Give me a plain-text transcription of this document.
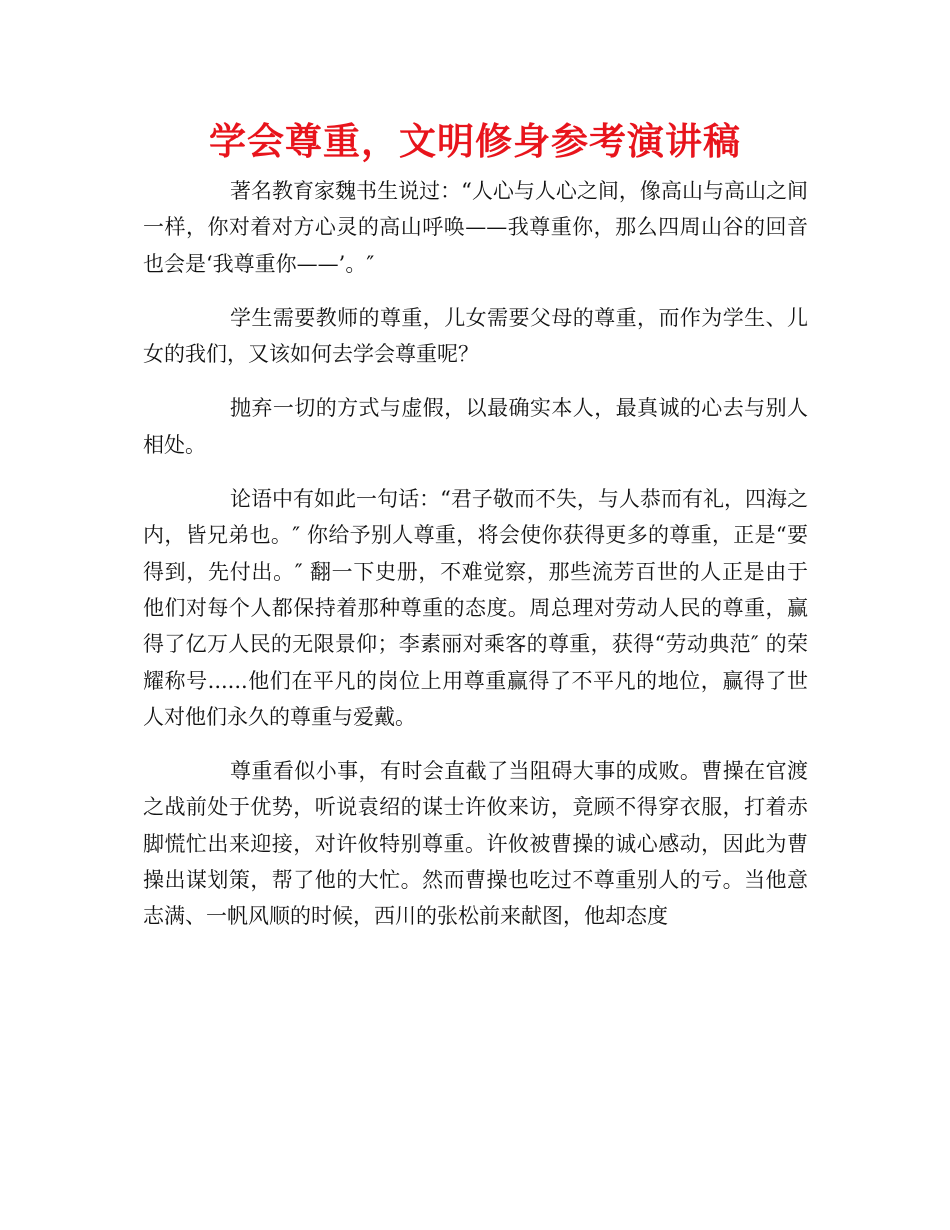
学会尊重，文明修身参考演讲稿

著名教育家魏书生说过：“人心与人心之间，像高山与高山之间一样，你对着对方心灵的高山呼唤——我尊重你，那么四周山谷的回音也会是‘我尊重你——’。″

学生需要教师的尊重，儿女需要父母的尊重，而作为学生、儿女的我们，又该如何去学会尊重呢？

抛弃一切的方式与虚假，以最确实本人，最真诚的心去与别人相处。

论语中有如此一句话：“君子敬而不失，与人恭而有礼，四海之内，皆兄弟也。″ 你给予别人尊重，将会使你获得更多的尊重，正是“要得到，先付出。″ 翻一下史册，不难觉察，那些流芳百世的人正是由于他们对每个人都保持着那种尊重的态度。周总理对劳动人民的尊重，赢得了亿万人民的无限景仰；李素丽对乘客的尊重，获得“劳动典范″ 的荣耀称号......他们在平凡的岗位上用尊重赢得了不平凡的地位，赢得了世人对他们永久的尊重与爱戴。

尊重看似小事，有时会直截了当阻碍大事的成败。曹操在官渡之战前处于优势，听说袁绍的谋士许攸来访，竟顾不得穿衣服，打着赤脚慌忙出来迎接，对许攸特别尊重。许攸被曹操的诚心感动，因此为曹操出谋划策，帮了他的大忙。然而曹操也吃过不尊重别人的亏。当他意志满、一帆风顺的时候，西川的张松前来献图，他却态度
